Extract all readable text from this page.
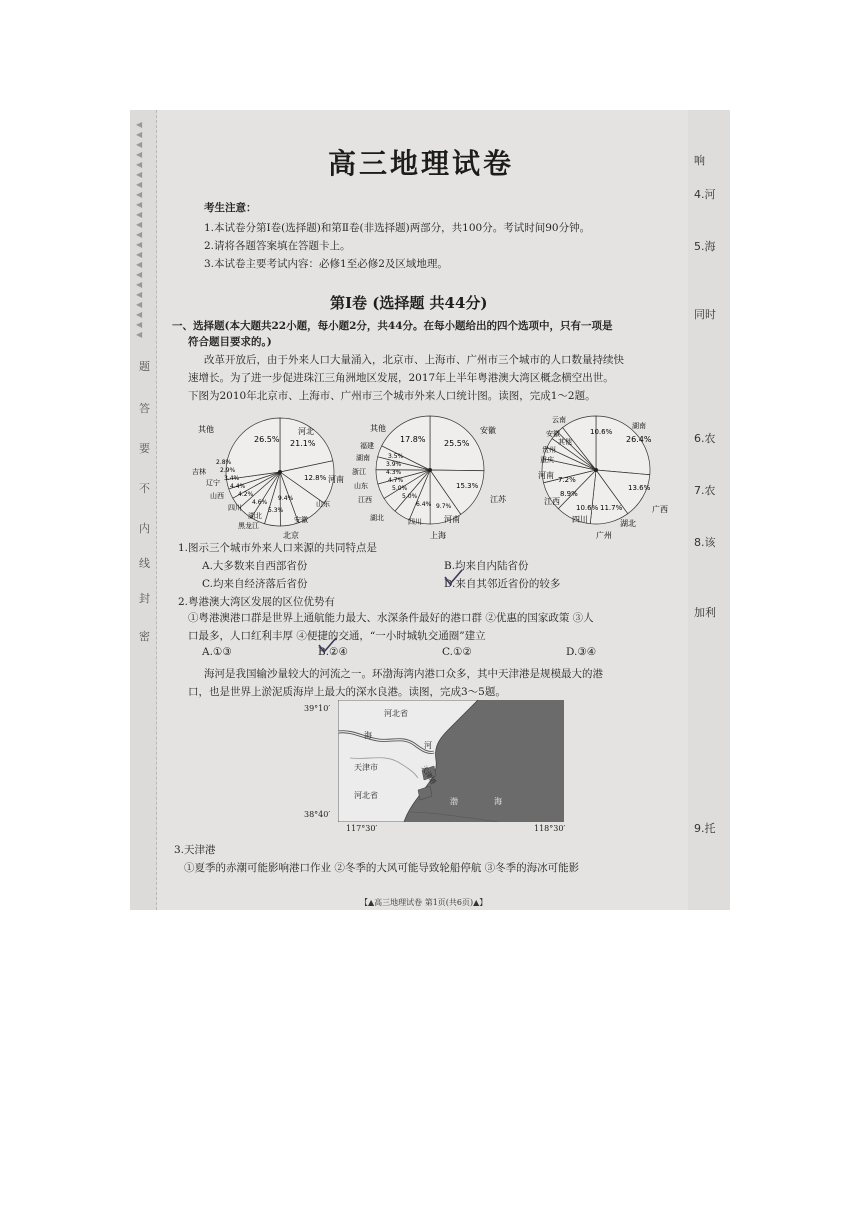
◀
◀
◀
◀
◀
◀
◀
◀
◀
◀
◀
◀
◀
◀
◀
◀
◀
◀
◀
◀
◀
◀
题
答
要
不
内
线
封
密
响
4.河
5.海
同时
6.农
7.农
8.该
加利
9.托
高三地理试卷
考生注意：
1.本试卷分第Ⅰ卷(选择题)和第Ⅱ卷(非选择题)两部分，共100分。考试时间90分钟。
2.请将各题答案填在答题卡上。
3.本试卷主要考试内容：必修1至必修2及区域地理。
第Ⅰ卷 (选择题 共44分)
一、选择题(本大题共22小题，每小题2分，共44分。在每小题给出的四个选项中，只有一项是
符合题目要求的。)
改革开放后，由于外来人口大量涌入，北京市、上海市、广州市三个城市的人口数量持续快
速增长。为了进一步促进珠江三角洲地区发展，2017年上半年粤港澳大湾区概念横空出世。
下图为2010年北京市、上海市、广州市三个城市外来人口统计图。读图，完成1～2题。
其他	河北
河南
山东
安徽
黑龙江
湖北
四川
山西
辽宁
吉林
26.5% 21.1%
12.8%
9.4%
5.3%
4.6%
4.2%
4.4%
3.4%
2.9%
2.8%
北京
其他	安徽
江苏
河南
四川
湖北
江西
山东
浙江
湖南
福建
17.8% 25.5%
15.3%
9.7%
6.4%
5.0%
5.0%
4.7%
4.3%
3.9%
3.5%
上海
其他
湖南
广西
湖北
四川
江西
河南
重庆
贵州
安徽
云南
10.6%
26.4%
13.6%
11.7%
10.6%
8.9%
7.2%
广州
1.图示三个城市外来人口来源的共同特点是
A.大多数来自西部省份	B.均来自内陆省份
C.均来自经济落后省份	D.来自其邻近省份的较多
2.粤港澳大湾区发展的区位优势有
①粤港澳港口群是世界上通航能力最大、水深条件最好的港口群 ②优惠的国家政策 ③人
口最多，人口红利丰厚 ④便捷的交通，“一小时城轨交通圈”建立
A.①③	B.②④	C.①②	D.③④
海河是我国输沙量较大的河流之一。环渤海湾内港口众多，其中天津港是规模最大的港
口，也是世界上淤泥质海岸上最大的深水良港。读图，完成3～5题。
39°10′
38°40′
117°30′	118°30′
河北省
海
河
天津市	天津港
河北省
渤	海
3.天津港
①夏季的赤潮可能影响港口作业 ②冬季的大风可能导致轮船停航 ③冬季的海冰可能影
【▲高三地理试卷 第1页(共6页)▲】
